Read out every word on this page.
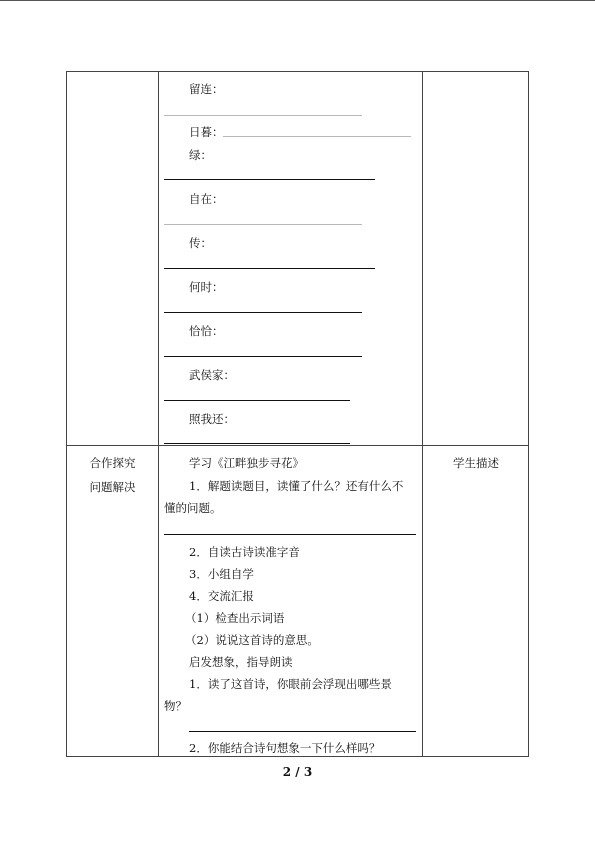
留连：
日暮：
绿：
自在：
传：
何时：
恰恰：
武侯家：
照我还：
合作探究
问题解决
学生描述
学习《江畔独步寻花》
1．解题读题目，读懂了什么？还有什么不
懂的问题。
2．自读古诗读准字音
3．小组自学
4．交流汇报
（1）检查出示词语
（2）说说这首诗的意思。
启发想象，指导朗读
1．读了这首诗，你眼前会浮现出哪些景
物？
2．你能结合诗句想象一下什么样吗？
2 / 3
